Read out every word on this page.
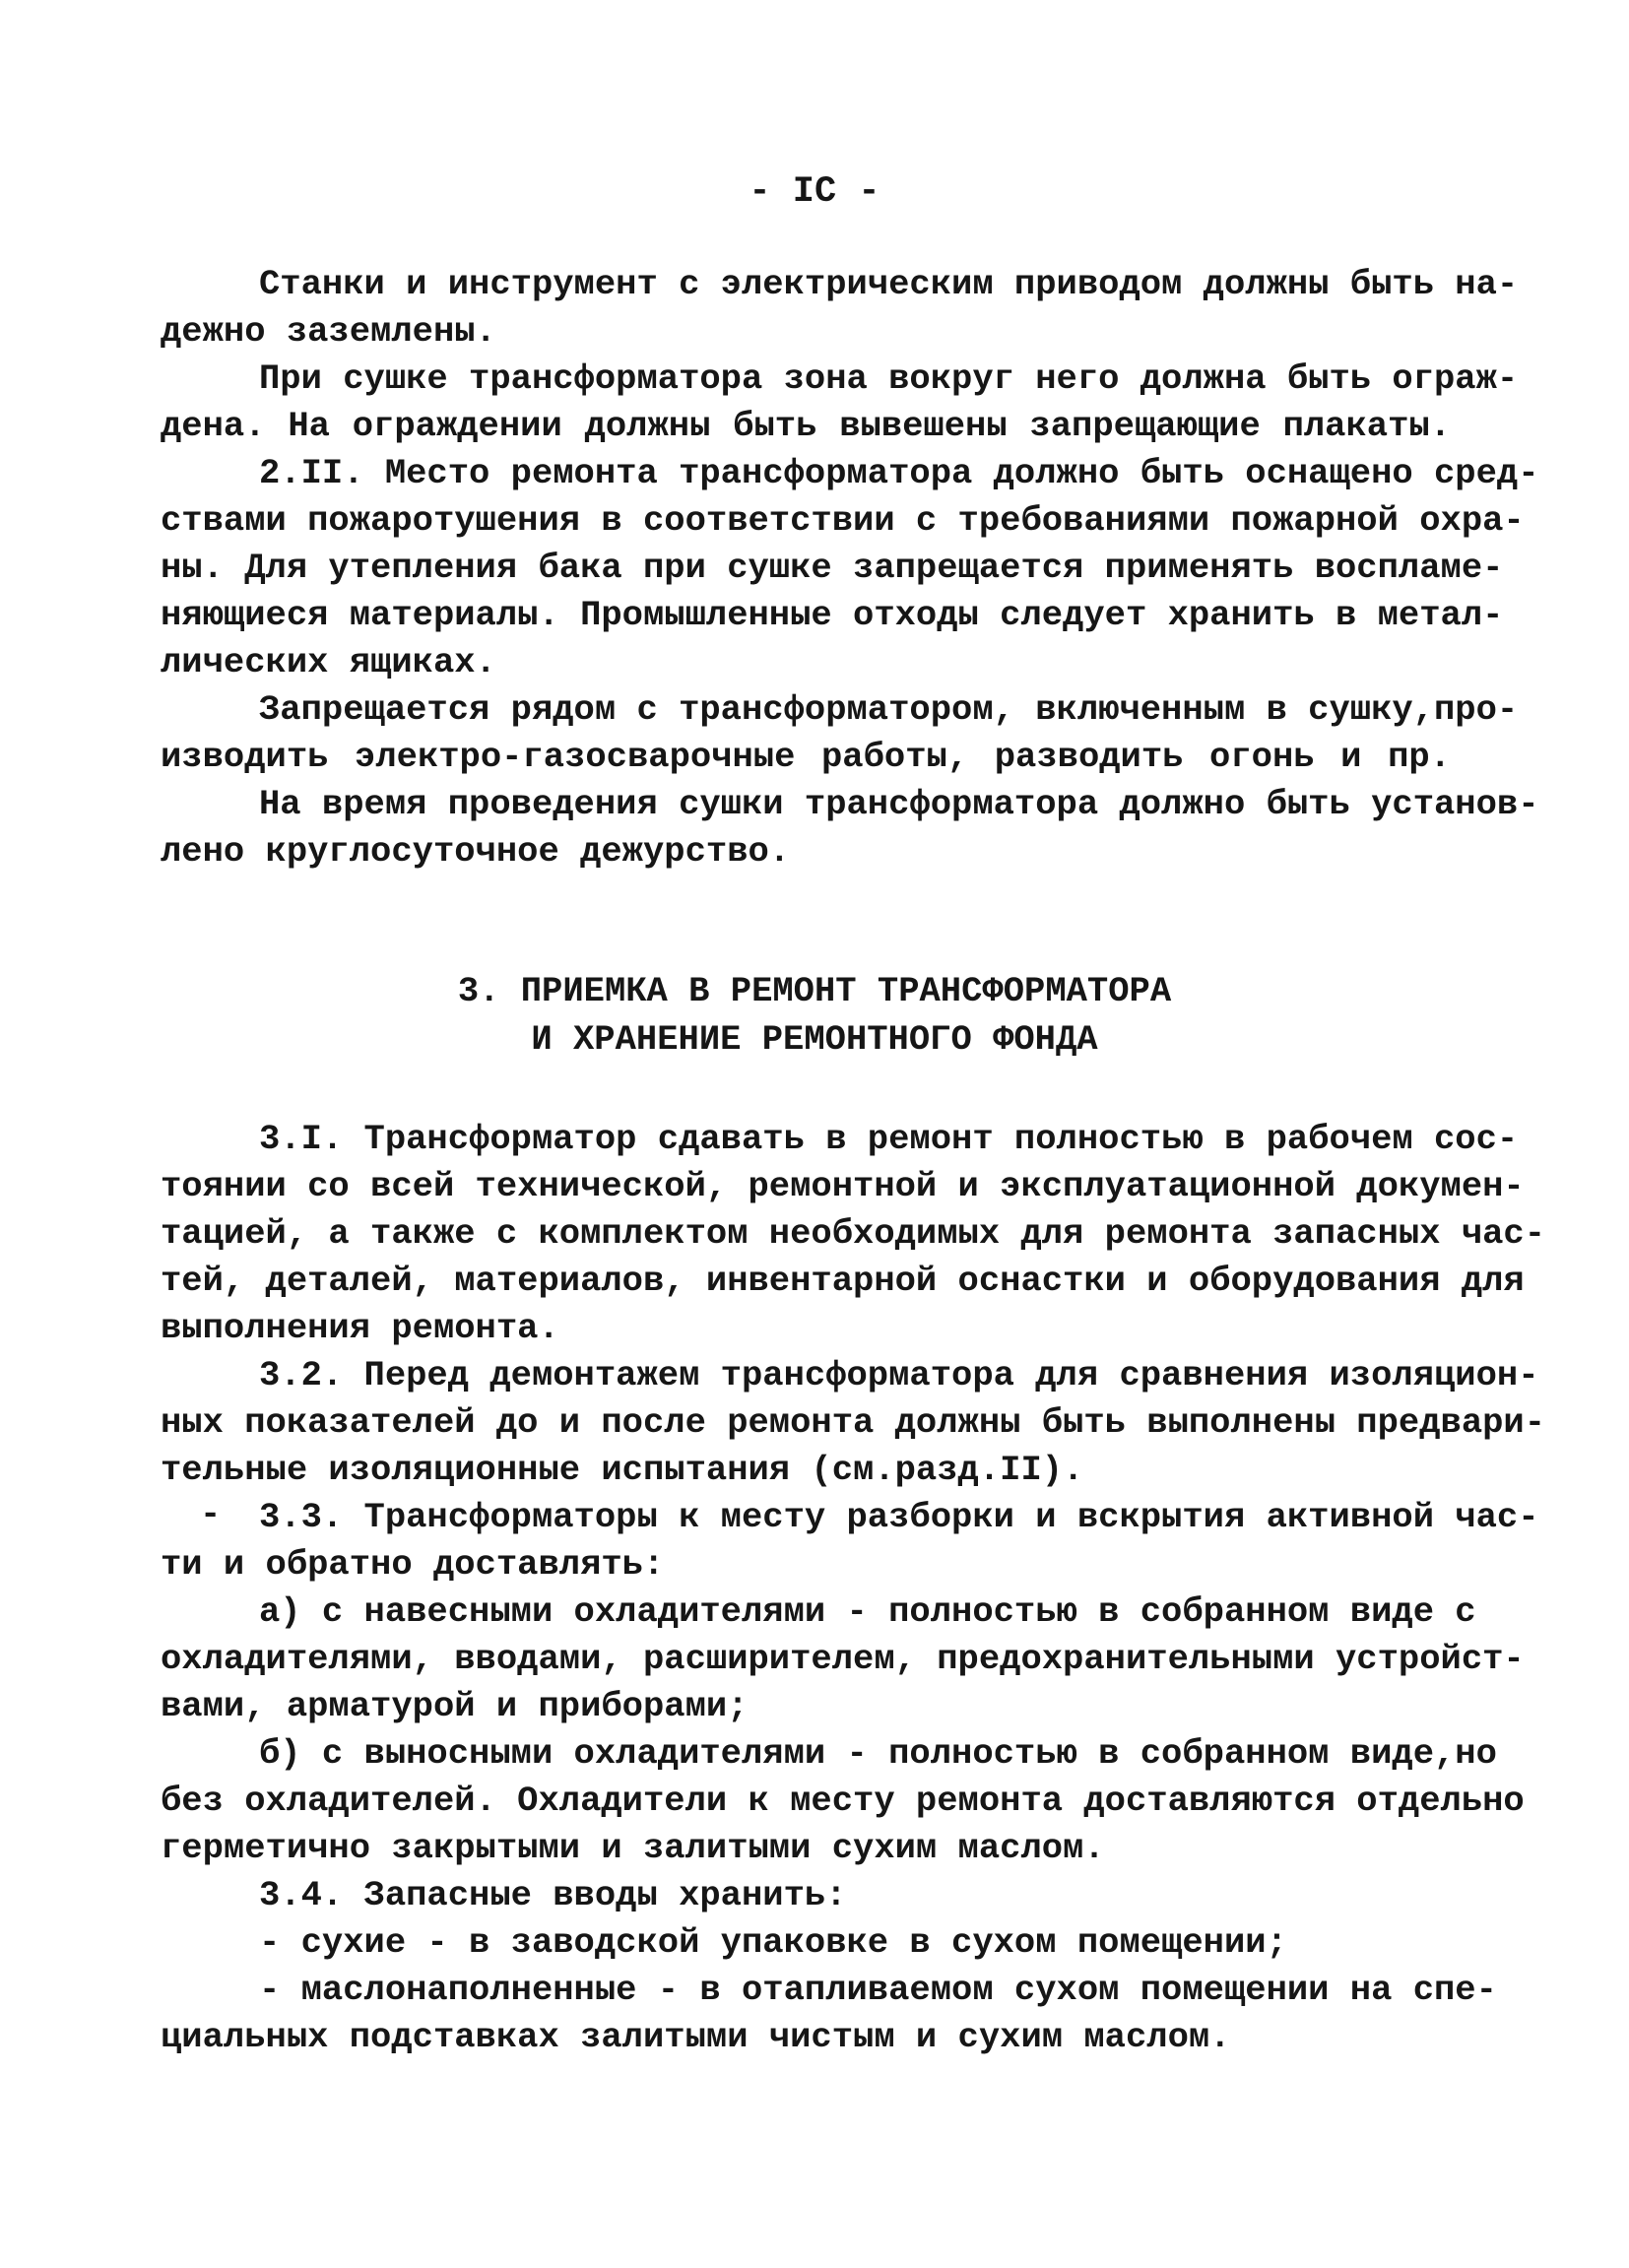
- IC -
Станки и инструмент с электрическим приводом должны быть на-
дежно заземлены.
При сушке трансформатора зона вокруг него должна быть ограж-
дена. На ограждении должны быть вывешены запрещающие плакаты.
2.II. Место ремонта трансформатора должно быть оснащено сред-
ствами пожаротушения в соответствии с требованиями пожарной охра-
ны. Для утепления бака при сушке запрещается применять воспламе-
няющиеся материалы. Промышленные отходы следует хранить в метал-
лических ящиках.
Запрещается рядом с трансформатором, включенным в сушку,про-
изводить электро-газосварочные работы, разводить огонь и пр.
На время проведения сушки трансформатора должно быть установ-
лено круглосуточное дежурство.
3. ПРИЕМКА В РЕМОНТ ТРАНСФОРМАТОРА
И ХРАНЕНИЕ РЕМОНТНОГО ФОНДА
3.I. Трансформатор сдавать в ремонт полностью в рабочем сос-
тоянии со всей технической, ремонтной и эксплуатационной докумен-
тацией, а также с комплектом необходимых для ремонта запасных час-
тей, деталей, материалов, инвентарной оснастки и оборудования для
выполнения ремонта.
3.2. Перед демонтажем трансформатора для сравнения изоляцион-
ных показателей до и после ремонта должны быть выполнены предвари-
тельные изоляционные испытания (см.разд.II).
- 3.3. Трансформаторы к месту разборки и вскрытия активной час-
ти и обратно доставлять:
а) с навесными охладителями - полностью в собранном виде с
охладителями, вводами, расширителем, предохранительными устройст-
вами, арматурой и приборами;
б) с выносными охладителями - полностью в собранном виде,но
без охладителей. Охладители к месту ремонта доставляются отдельно
герметично закрытыми и залитыми сухим маслом.
3.4. Запасные вводы хранить:
- сухие - в заводской упаковке в сухом помещении;
- маслонаполненные - в отапливаемом сухом помещении на спе-
циальных подставках залитыми чистым и сухим маслом.
